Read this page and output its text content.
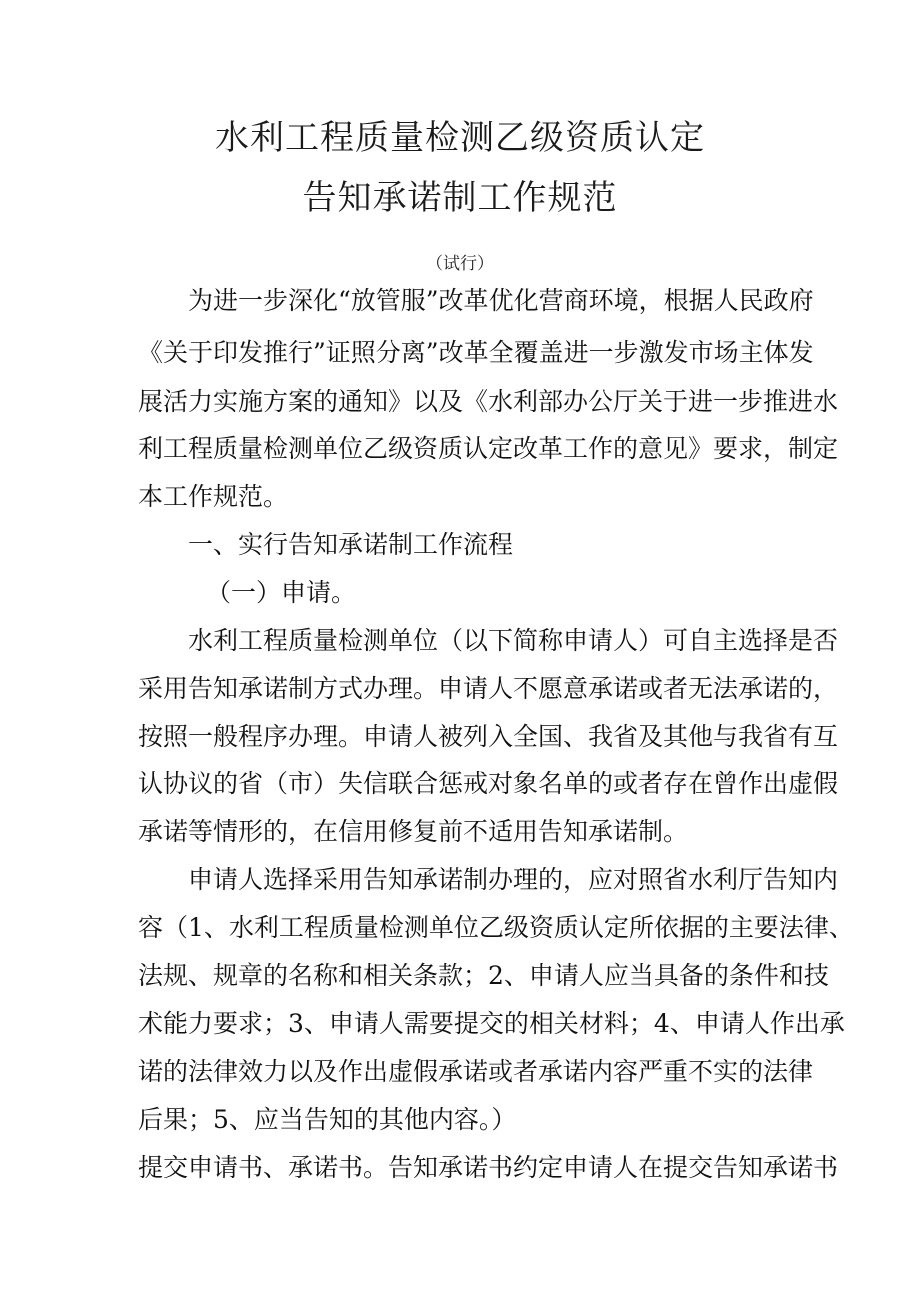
水利工程质量检测乙级资质认定
告知承诺制工作规范
（试行）
为进一步深化“放管服”改革优化营商环境，根据人民政府
《关于印发推行”证照分离”改革全覆盖进一步激发市场主体发
展活力实施方案的通知》以及《水利部办公厅关于进一步推进水
利工程质量检测单位乙级资质认定改革工作的意见》要求，制定
本工作规范。
一、实行告知承诺制工作流程
（一）申请。
水利工程质量检测单位（以下简称申请人）可自主选择是否
采用告知承诺制方式办理。申请人不愿意承诺或者无法承诺的，
按照一般程序办理。申请人被列入全国、我省及其他与我省有互
认协议的省（市）失信联合惩戒对象名单的或者存在曾作出虚假
承诺等情形的，在信用修复前不适用告知承诺制。
申请人选择采用告知承诺制办理的，应对照省水利厅告知内
容（1、水利工程质量检测单位乙级资质认定所依据的主要法律、
法规、规章的名称和相关条款；2、申请人应当具备的条件和技
术能力要求；3、申请人需要提交的相关材料；4、申请人作出承
诺的法律效力以及作出虚假承诺或者承诺内容严重不实的法律
后果；5、应当告知的其他内容。）
提交申请书、承诺书。告知承诺书约定申请人在提交告知承诺书
